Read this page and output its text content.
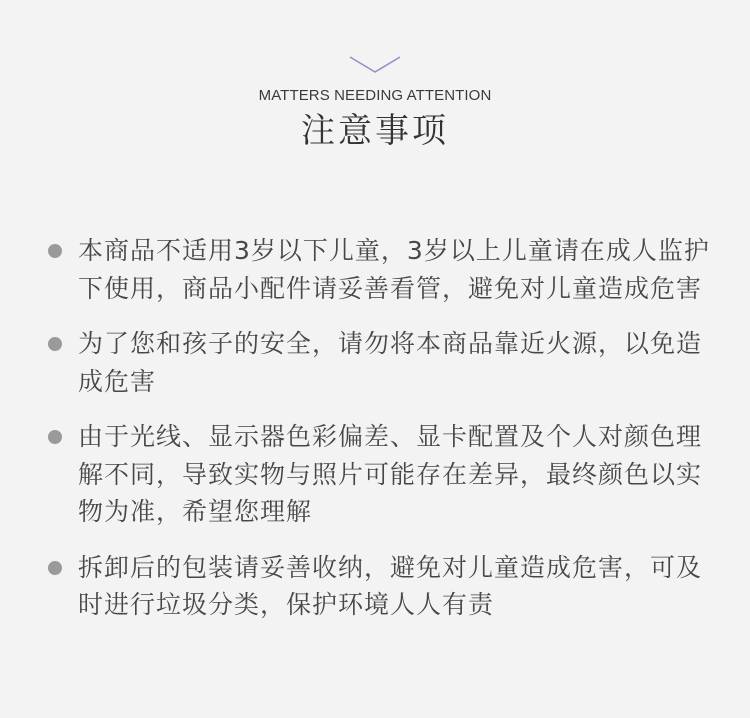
MATTERS NEEDING ATTENTION
注意事项
本商品不适用3岁以下儿童，3岁以上儿童请在成人监护下使用，商品小配件请妥善看管，避免对儿童造成危害
为了您和孩子的安全，请勿将本商品靠近火源，以免造成危害
由于光线、显示器色彩偏差、显卡配置及个人对颜色理解不同，导致实物与照片可能存在差异，最终颜色以实物为准，希望您理解
拆卸后的包装请妥善收纳，避免对儿童造成危害，可及时进行垃圾分类，保护环境人人有责
